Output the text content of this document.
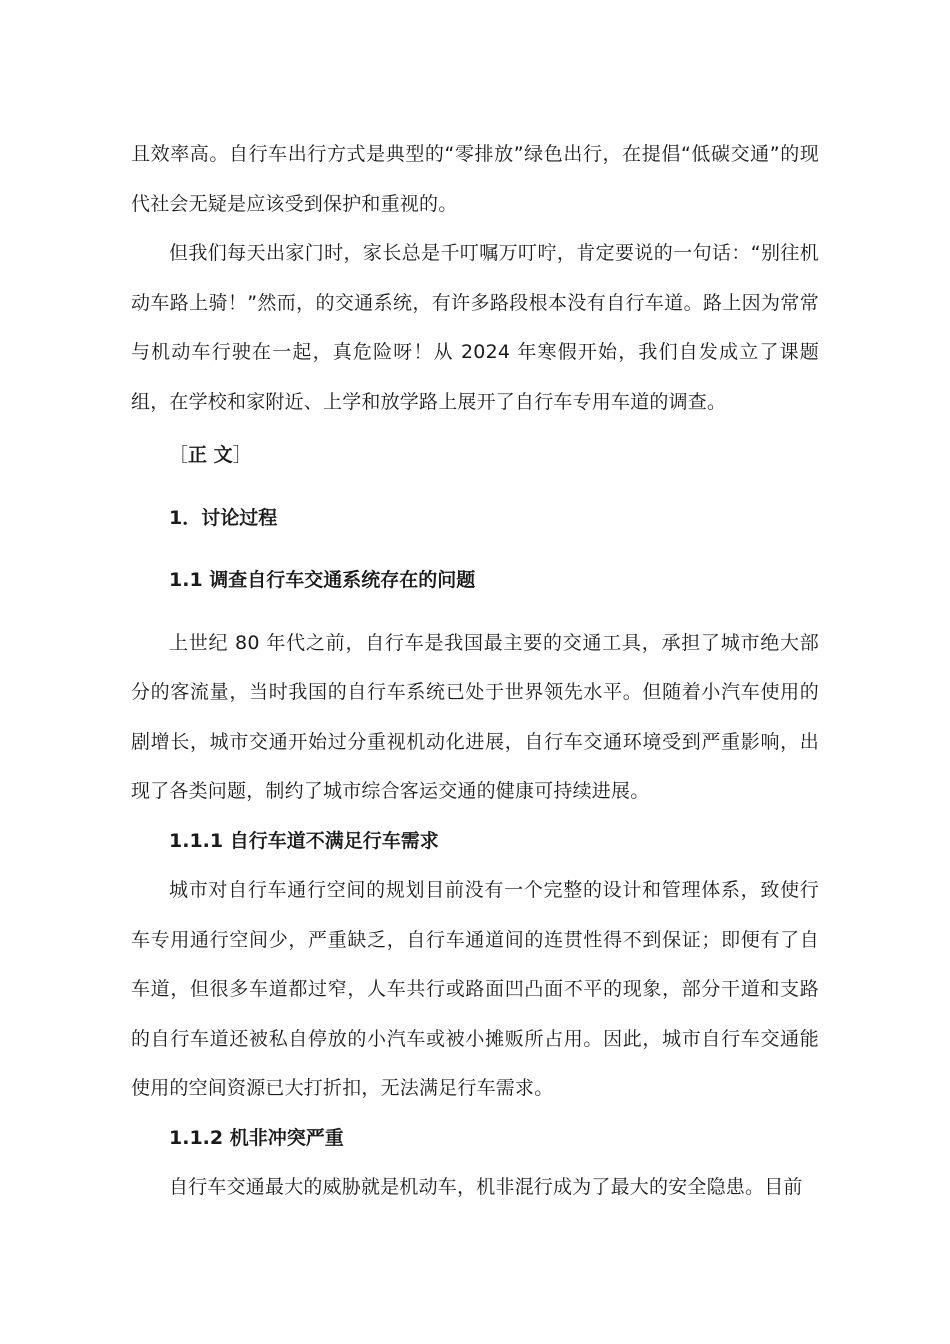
且效率高。自行车出行方式是典型的“零排放”绿色出行，在提倡“低碳交通”的现代社会无疑是应该受到保护和重视的。

但我们每天出家门时，家长总是千叮嘱万叮咛，肯定要说的一句话：“别往机动车路上骑！”然而，的交通系统，有许多路段根本没有自行车道。路上因为常常与机动车行驶在一起，真危险呀！从 2024 年寒假开始，我们自发成立了课题组，在学校和家附近、上学和放学路上展开了自行车专用车道的调查。

［正 文］

1．讨论过程

1.1 调查自行车交通系统存在的问题

上世纪 80 年代之前，自行车是我国最主要的交通工具，承担了城市绝大部分的客流量，当时我国的自行车系统已处于世界领先水平。但随着小汽车使用的剧增长，城市交通开始过分重视机动化进展，自行车交通环境受到严重影响，出现了各类问题，制约了城市综合客运交通的健康可持续进展。

1.1.1 自行车道不满足行车需求

城市对自行车通行空间的规划目前没有一个完整的设计和管理体系，致使行车专用通行空间少，严重缺乏，自行车通道间的连贯性得不到保证；即便有了自车道，但很多车道都过窄，人车共行或路面凹凸面不平的现象，部分干道和支路的自行车道还被私自停放的小汽车或被小摊贩所占用。因此，城市自行车交通能使用的空间资源已大打折扣，无法满足行车需求。

1.1.2 机非冲突严重

自行车交通最大的威胁就是机动车，机非混行成为了最大的安全隐患。目前
